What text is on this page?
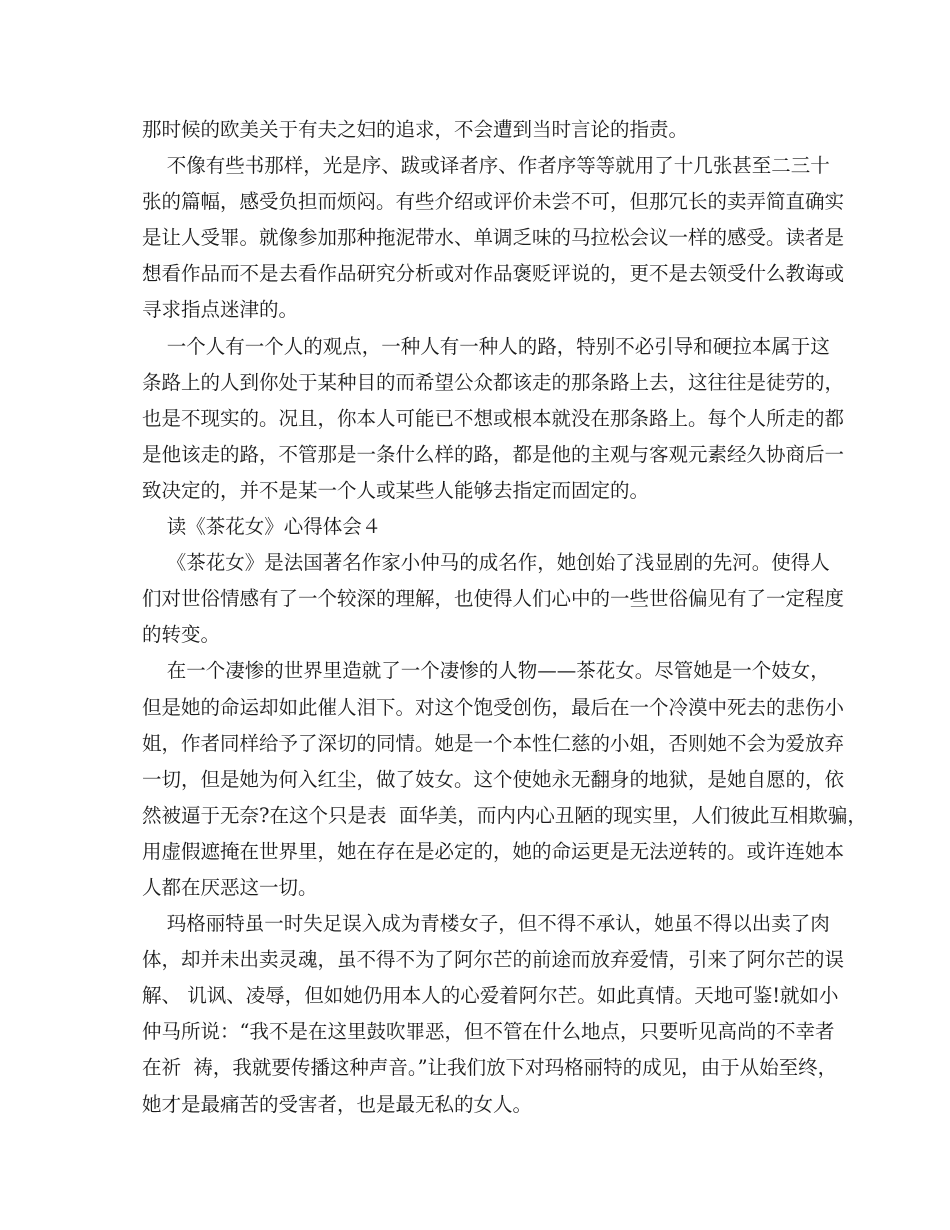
那时候的欧美关于有夫之妇的追求，不会遭到当时言论的指责。
不像有些书那样，光是序、跋或译者序、作者序等等就用了十几张甚至二三十
张的篇幅，感受负担而烦闷。有些介绍或评价未尝不可，但那冗长的卖弄简直确实
是让人受罪。就像参加那种拖泥带水、单调乏味的马拉松会议一样的感受。读者是
想看作品而不是去看作品研究分析或对作品褒贬评说的，更不是去领受什么教诲或
寻求指点迷津的。
一个人有一个人的观点，一种人有一种人的路，特别不必引导和硬拉本属于这
条路上的人到你处于某种目的而希望公众都该走的那条路上去，这往往是徒劳的，
也是不现实的。况且，你本人可能已不想或根本就没在那条路上。每个人所走的都
是他该走的路，不管那是一条什么样的路，都是他的主观与客观元素经久协商后一
致决定的，并不是某一个人或某些人能够去指定而固定的。
读《茶花女》心得体会４
《茶花女》是法国著名作家小仲马的成名作，她创始了浅显剧的先河。使得人
们对世俗情感有了一个较深的理解，也使得人们心中的一些世俗偏见有了一定程度
的转变。
在一个凄惨的世界里造就了一个凄惨的人物——茶花女。尽管她是一个妓女，
但是她的命运却如此催人泪下。对这个饱受创伤，最后在一个冷漠中死去的悲伤小
姐，作者同样给予了深切的同情。她是一个本性仁慈的小姐，否则她不会为爱放弃
一切，但是她为何入红尘，做了妓女。这个使她永无翻身的地狱，是她自愿的，依
然被逼于无奈?在这个只是表  面华美，而内内心丑陋的现实里，人们彼此互相欺骗，
用虚假遮掩在世界里，她在存在是必定的，她的命运更是无法逆转的。或许连她本
人都在厌恶这一切。
玛格丽特虽一时失足误入成为青楼女子，但不得不承认，她虽不得以出卖了肉
体，却并未出卖灵魂，虽不得不为了阿尔芒的前途而放弃爱情，引来了阿尔芒的误
解、 讥讽、凌辱，但如她仍用本人的心爱着阿尔芒。如此真情。天地可鉴!就如小
仲马所说：“我不是在这里鼓吹罪恶，但不管在什么地点，只要听见高尚的不幸者
在祈  祷，我就要传播这种声音。”让我们放下对玛格丽特的成见，由于从始至终，
她才是最痛苦的受害者，也是最无私的女人。
